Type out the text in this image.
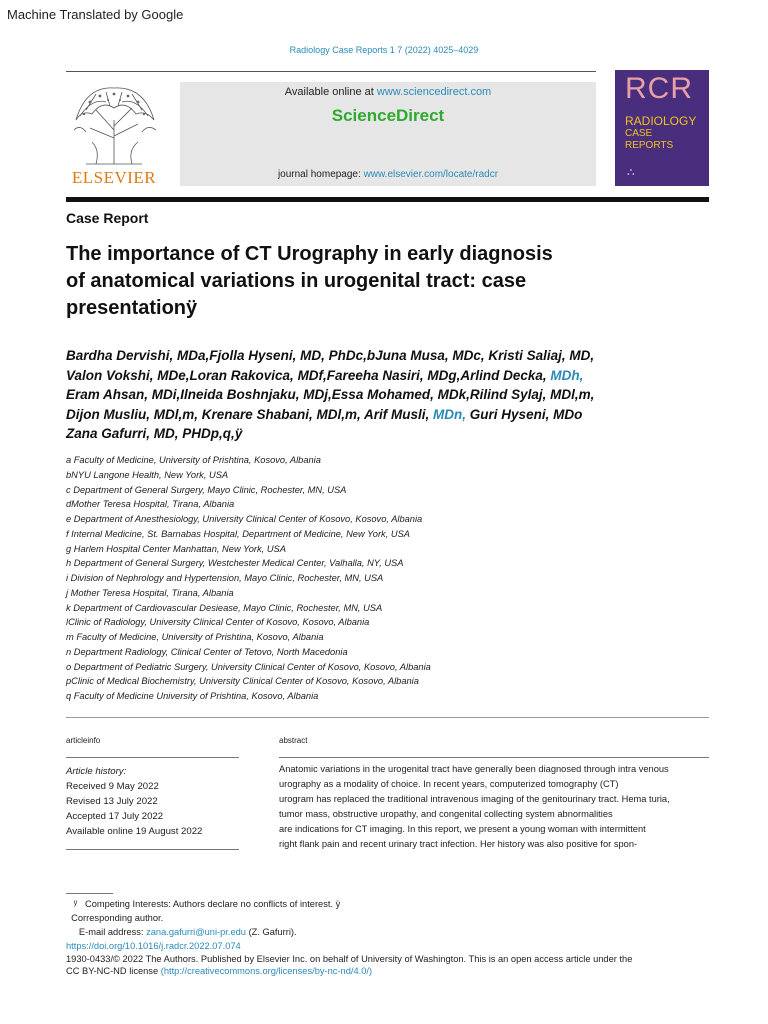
Machine Translated by Google
Radiology Case Reports 1 7 (2022) 4025–4029
ELSEVIER
Available online at www.sciencedirect.com
ScienceDirect
journal homepage: www.elsevier.com/locate/radcr
RCR
RADIOLOGY
CASE
REPORTS
⛬
Case Report
The importance of CT Urography in early diagnosis
of anatomical variations in urogenital tract: case
presentationÿ
Bardha Dervishi, MDa,Fjolla Hyseni, MD, PhDc,bJuna Musa, MDc, Kristi Saliaj, MD,
Valon Vokshi, MDe,Loran Rakovica, MDf,Fareeha Nasiri, MDg,Arlind Decka, MDh,
Eram Ahsan, MDi,Ilneida Boshnjaku, MDj,Essa Mohamed, MDk,Rilind Sylaj, MDl,m,
Dijon Musliu, MDl,m, Krenare Shabani, MDl,m, Arif Musli, MDn, Guri Hyseni, MDo
Zana Gafurri, MD, PHDp,q,ÿ
a Faculty of Medicine, University of Prishtina, Kosovo, Albania
bNYU Langone Health, New York, USA
c Department of General Surgery, Mayo Clinic, Rochester, MN, USA
dMother Teresa Hospital, Tirana, Albania
e Department of Anesthesiology, University Clinical Center of Kosovo, Kosovo, Albania
f Internal Medicine, St. Barnabas Hospital, Department of Medicine, New York, USA
g Harlem Hospital Center Manhattan, New York, USA
h Department of General Surgery, Westchester Medical Center, Valhalla, NY, USA
i Division of Nephrology and Hypertension, Mayo Clinic, Rochester, MN, USA
j Mother Teresa Hospital, Tirana, Albania
k Department of Cardiovascular Desiease, Mayo Clinic, Rochester, MN, USA
lClinic of Radiology, University Clinical Center of Kosovo, Kosovo, Albania
m Faculty of Medicine, University of Prishtina, Kosovo, Albania
n Department Radiology, Clinical Center of Tetovo, North Macedonia
o Department of Pediatric Surgery, University Clinical Center of Kosovo, Kosovo, Albania
pClinic of Medical Biochemistry, University Clinical Center of Kosovo, Kosovo, Albania
q Faculty of Medicine University of Prishtina, Kosovo, Albania
articleinfo	abstract
Article history:
Received 9 May 2022
Revised 13 July 2022
Accepted 17 July 2022
Available online 19 August 2022
Anatomic variations in the urogenital tract have generally been diagnosed through intra venous
urography as a modality of choice. In recent years, computerized tomography (CT)
urogram has replaced the traditional intravenous imaging of the genitourinary tract. Hema turia,
tumor mass, obstructive uropathy, and congenital collecting system abnormalities
are indications for CT imaging. In this report, we present a young woman with intermittent
right flank pain and recent urinary tract infection. Her history was also positive for spon-
$^ÿ$ Competing Interests: Authors declare no conflicts of interest. ÿ
Corresponding author.
E-mail address: zana.gafurri@uni-pr.edu (Z. Gafurri).
https://doi.org/10.1016/j.radcr.2022.07.074
1930-0433/© 2022 The Authors. Published by Elsevier Inc. on behalf of University of Washington. This is an open access article under the
CC BY-NC-ND license (http://creativecommons.org/licenses/by-nc-nd/4.0/)
